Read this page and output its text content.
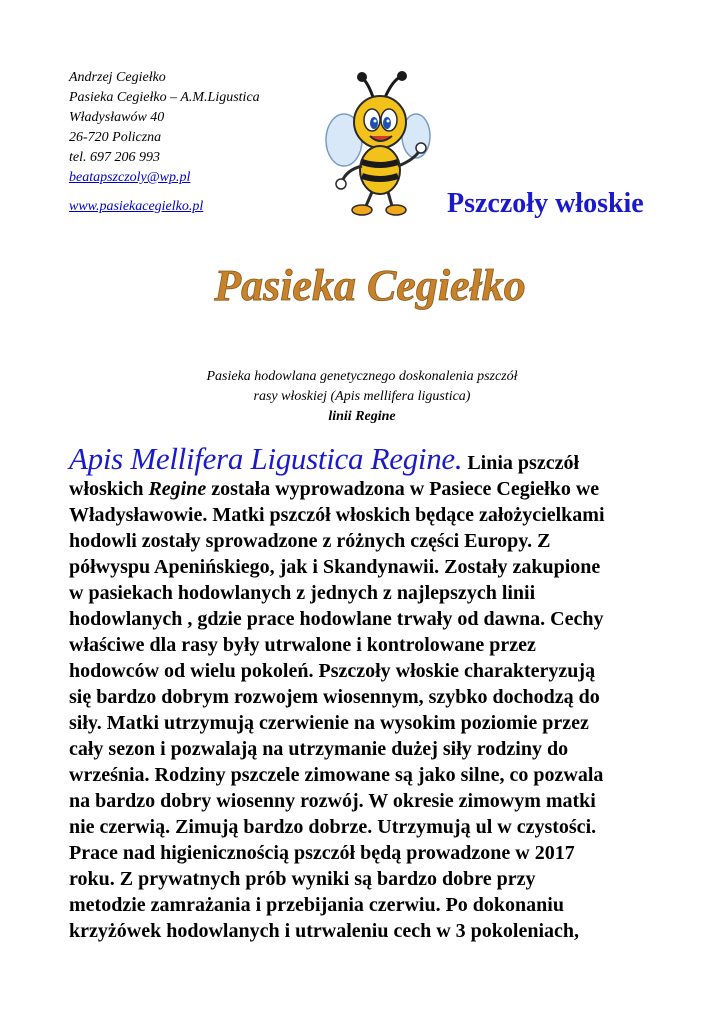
Andrzej Cegiełko
Pasieka Cegiełko – A.M.Ligustica
Władysławów 40
26-720 Policzna
tel. 697 206 993
beatapszczoly@wp.pl
www.pasiekacegielko.pl	Pszczoły włoskie
Pasieka Cegiełko
Pasieka hodowlana genetycznego doskonalenia pszczół
rasy włoskiej (Apis mellifera ligustica)
linii Regine
Apis Mellifera Ligustica Regine. Linia pszczół
włoskich Regine została wyprowadzona w Pasiece Cegiełko we
Władysławowie. Matki pszczół włoskich będące założycielkami
hodowli zostały sprowadzone z różnych części Europy. Z
półwyspu Apenińskiego, jak i Skandynawii. Zostały zakupione
w pasiekach hodowlanych z jednych z najlepszych linii
hodowlanych , gdzie prace hodowlane trwały od dawna. Cechy
właściwe dla rasy były utrwalone i kontrolowane przez
hodowców od wielu pokoleń. Pszczoły włoskie charakteryzują
się bardzo dobrym rozwojem wiosennym, szybko dochodzą do
siły. Matki utrzymują czerwienie na wysokim poziomie przez
cały sezon i pozwalają na utrzymanie dużej siły rodziny do
września. Rodziny pszczele zimowane są jako silne, co pozwala
na bardzo dobry wiosenny rozwój. W okresie zimowym matki
nie czerwią. Zimują bardzo dobrze. Utrzymują ul w czystości.
Prace nad higienicznością pszczół będą prowadzone w 2017
roku. Z prywatnych prób wyniki są bardzo dobre przy
metodzie zamrażania i przebijania czerwiu. Po dokonaniu
krzyżówek hodowlanych i utrwaleniu cech w 3 pokoleniach,
